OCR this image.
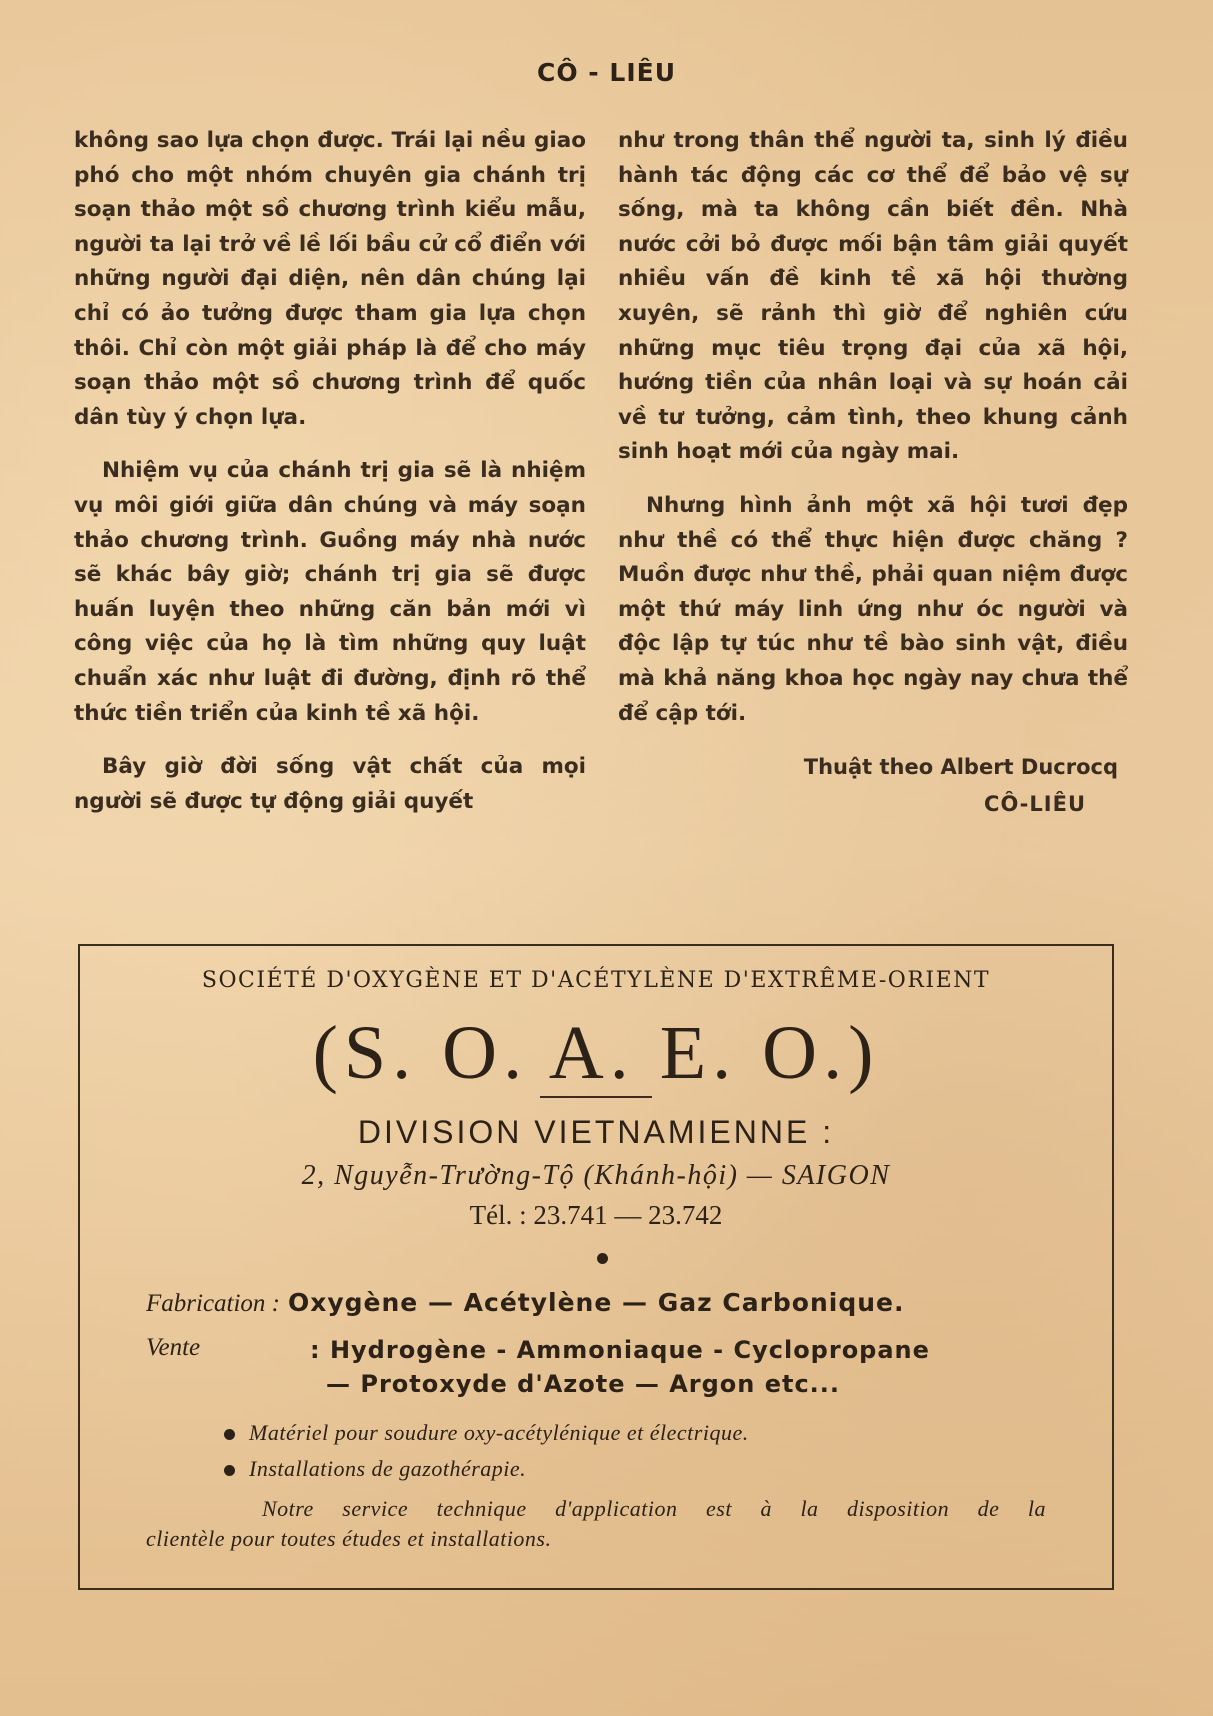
CÔ - LIÊU

không sao lựa chọn được. Trái lại nều giao phó cho một nhóm chuyên gia chánh trị soạn thảo một sồ chương trình kiểu mẫu, người ta lại trở về lề lối bầu cử cổ điển với những người đại diện, nên dân chúng lại chỉ có ảo tưởng được tham gia lựa chọn thôi. Chỉ còn một giải pháp là để cho máy soạn thảo một sồ chương trình để quốc dân tùy ý chọn lựa.

Nhiệm vụ của chánh trị gia sẽ là nhiệm vụ môi giới giữa dân chúng và máy soạn thảo chương trình. Guồng máy nhà nước sẽ khác bây giờ; chánh trị gia sẽ được huấn luyện theo những căn bản mới vì công việc của họ là tìm những quy luật chuẩn xác như luật đi đường, định rõ thể thức tiền triển của kinh tề xã hội.

Bây giờ đời sống vật chất của mọi người sẽ được tự động giải quyết

như trong thân thể người ta, sinh lý điều hành tác động các cơ thể để bảo vệ sự sống, mà ta không cần biết đền. Nhà nước cởi bỏ được mối bận tâm giải quyết nhiều vấn đề kinh tề xã hội thường xuyên, sẽ rảnh thì giờ để nghiên cứu những mục tiêu trọng đại của xã hội, hướng tiền của nhân loại và sự hoán cải về tư tưởng, cảm tình, theo khung cảnh sinh hoạt mới của ngày mai.

Nhưng hình ảnh một xã hội tươi đẹp như thề có thể thực hiện được chăng ? Muồn được như thề, phải quan niệm được một thứ máy linh ứng như óc người và độc lập tự túc như tề bào sinh vật, điều mà khả năng khoa học ngày nay chưa thể để cập tới.

Thuật theo Albert Ducrocq
CÔ-LIÊU
SOCIÉTÉ D'OXYGÈNE ET D'ACÉTYLÈNE D'EXTRÊME-ORIENT
(S. O. A. E. O.)
DIVISION VIETNAMIENNE :
2, Nguyễn-Trường-Tộ (Khánh-hội) — SAIGON
Tél. : 23.741 — 23.742
Fabrication : Oxygène — Acétylène — Gaz Carbonique.
Vente	: Hydrogène - Ammoniaque - Cyclopropane
— Protoxyde d'Azote — Argon etc...
Matériel pour soudure oxy-acétylénique et électrique.
Installations de gazothérapie.
Notre service technique d'application est à la disposition de la
clientèle pour toutes études et installations.
